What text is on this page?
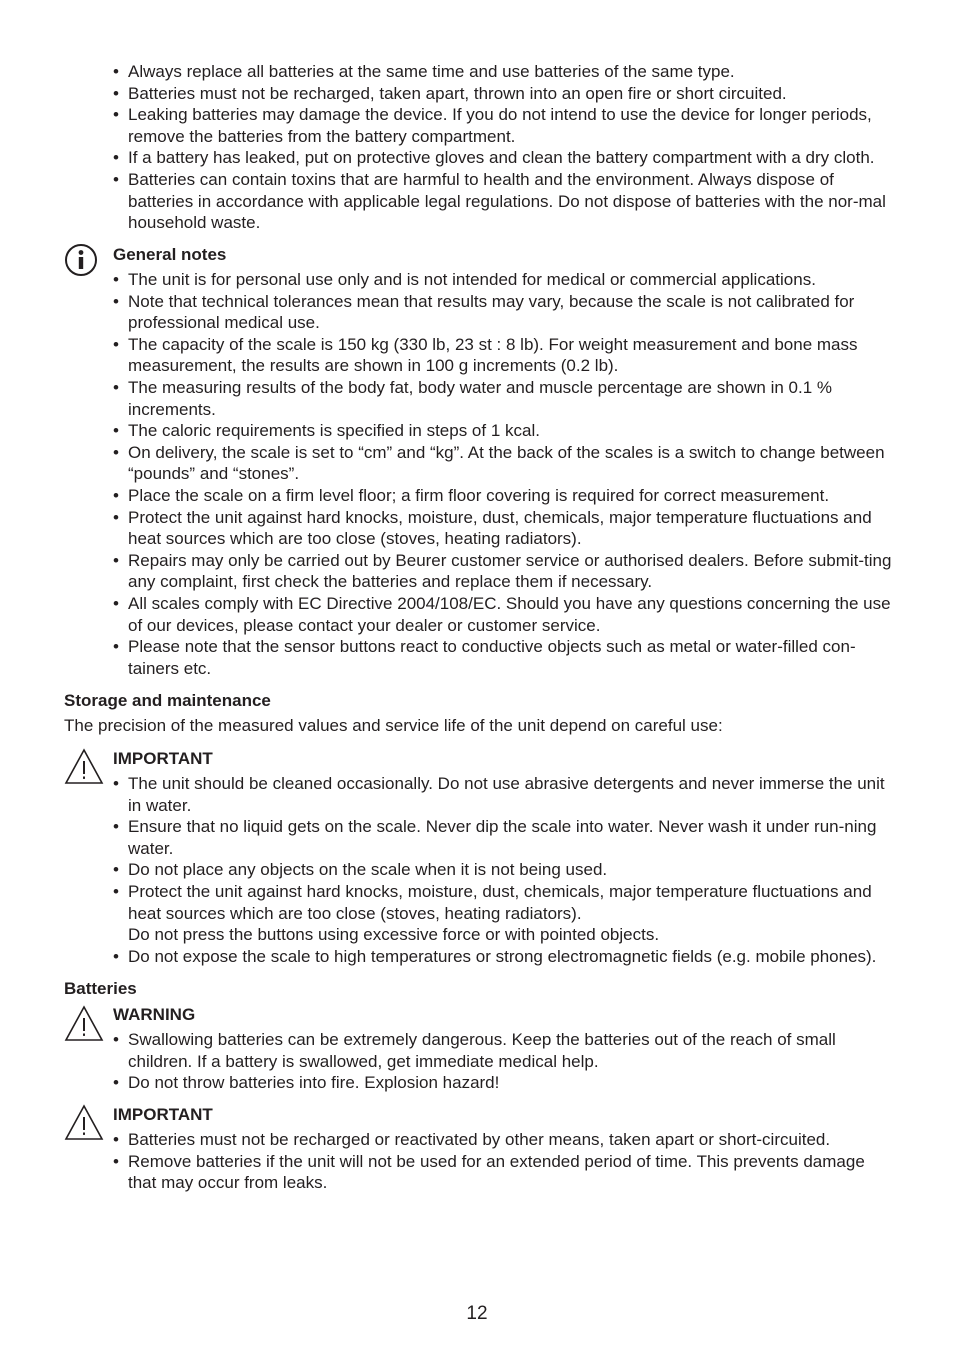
• Always replace all batteries at the same time and use batteries of the same type.
• Batteries must not be recharged, taken apart, thrown into an open fire or short circuited.
• Leaking batteries may damage the device. If you do not intend to use the device for longer periods, remove the batteries from the battery compartment.
• If a battery has leaked, put on protective gloves and clean the battery compartment with a dry cloth.
• Batteries can contain toxins that are harmful to health and the environment. Always dispose of batteries in accordance with applicable legal regulations. Do not dispose of batteries with the nor-mal household waste.
General notes
• The unit is for personal use only and is not intended for medical or commercial applications.
• Note that technical tolerances mean that results may vary, because the scale is not calibrated for professional medical use.
• The capacity of the scale is 150 kg (330 lb, 23 st : 8 lb). For weight measurement and bone mass measurement, the results are shown in 100 g increments (0.2 lb).
• The measuring results of the body fat, body water and muscle percentage are shown in 0.1 % increments.
• The caloric requirements is specified in steps of 1 kcal.
• On delivery, the scale is set to “cm” and “kg”. At the back of the scales is a switch to change between “pounds” and “stones”.
• Place the scale on a firm level floor; a firm floor covering is required for correct measurement.
• Protect the unit against hard knocks, moisture, dust, chemicals, major temperature fluctuations and heat sources which are too close (stoves, heating radiators).
• Repairs may only be carried out by Beurer customer service or authorised dealers. Before submit-ting any complaint, first check the batteries and replace them if necessary.
• All scales comply with EC Directive 2004/108/EC. Should you have any questions concerning the use of our devices, please contact your dealer or customer service.
• Please note that the sensor buttons react to conductive objects such as metal or water-filled con-tainers etc.
Storage and maintenance
The precision of the measured values and service life of the unit depend on careful use:
IMPORTANT
• The unit should be cleaned occasionally. Do not use abrasive detergents and never immerse the unit in water.
• Ensure that no liquid gets on the scale. Never dip the scale into water. Never wash it under run-ning water.
• Do not place any objects on the scale when it is not being used.
• Protect the unit against hard knocks, moisture, dust, chemicals, major temperature fluctuations and heat sources which are too close (stoves, heating radiators).
Do not press the buttons using excessive force or with pointed objects.
• Do not expose the scale to high temperatures or strong electromagnetic fields (e.g. mobile phones).
Batteries
WARNING
• Swallowing batteries can be extremely dangerous. Keep the batteries out of the reach of small children. If a battery is swallowed, get immediate medical help.
• Do not throw batteries into fire. Explosion hazard!
IMPORTANT
• Batteries must not be recharged or reactivated by other means, taken apart or short-circuited.
• Remove batteries if the unit will not be used for an extended period of time. This prevents damage that may occur from leaks.
12
